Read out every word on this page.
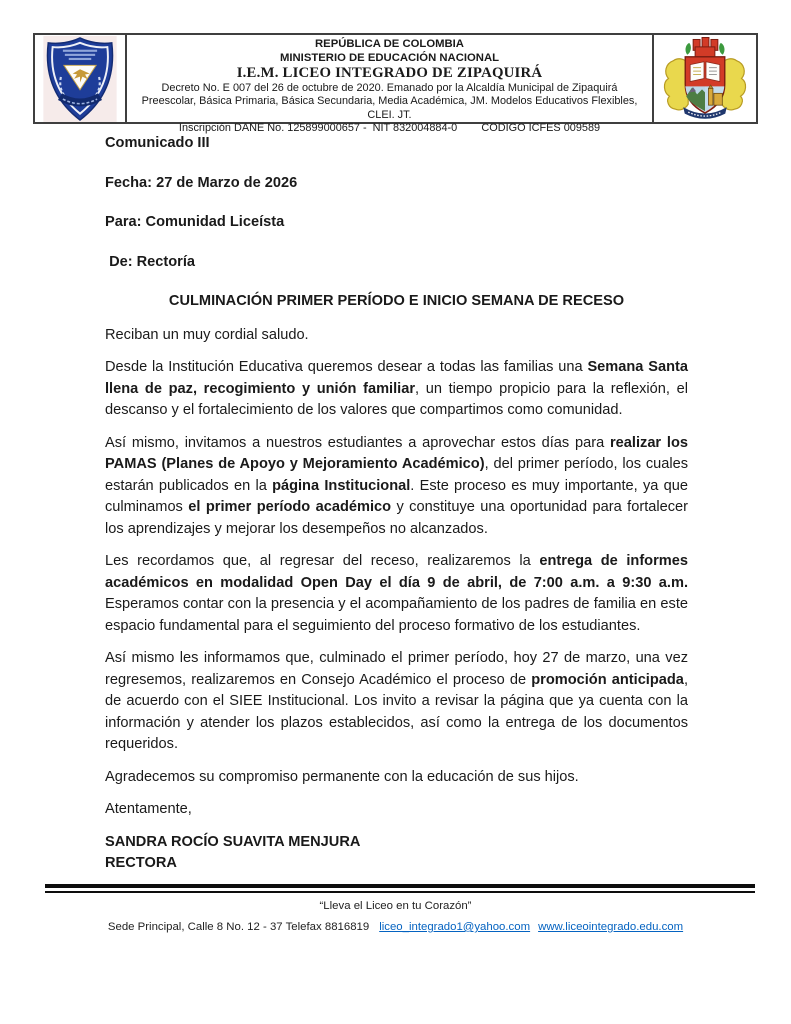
REPÚBLICA DE COLOMBIA
MINISTERIO DE EDUCACIÓN NACIONAL
I.E.M. LICEO INTEGRADO DE ZIPAQUIRÁ
Decreto No. E 007 del 26 de octubre de 2020. Emanado por la Alcaldía Municipal de Zipaquirá
Preescolar, Básica Primaria, Básica Secundaria, Media Académica, JM. Modelos Educativos Flexibles, CLEI. JT.
Inscripción DANE No. 125899000657 -  NIT 832004884-0        CODIGO ICFES 009589

Comunicado III

Fecha: 27 de Marzo de 2026

Para: Comunidad Liceísta

De: Rectoría

CULMINACIÓN PRIMER PERÍODO E INICIO SEMANA DE RECESO

Reciban un muy cordial saludo.

Desde la Institución Educativa queremos desear a todas las familias una Semana Santa llena de paz, recogimiento y unión familiar, un tiempo propicio para la reflexión, el descanso y el fortalecimiento de los valores que compartimos como comunidad.

Así mismo, invitamos a nuestros estudiantes a aprovechar estos días para realizar los PAMAS (Planes de Apoyo y Mejoramiento Académico), del primer período, los cuales estarán publicados en la página Institucional. Este proceso es muy importante, ya que culminamos el primer período académico y constituye una oportunidad para fortalecer los aprendizajes y mejorar los desempeños no alcanzados.

Les recordamos que, al regresar del receso, realizaremos la entrega de informes académicos en modalidad Open Day el día 9 de abril, de 7:00 a.m. a 9:30 a.m. Esperamos contar con la presencia y el acompañamiento de los padres de familia en este espacio fundamental para el seguimiento del proceso formativo de los estudiantes.

Así mismo les informamos que, culminado el primer período, hoy 27 de marzo, una vez regresemos, realizaremos en Consejo Académico el proceso de promoción anticipada, de acuerdo con el SIEE Institucional. Los invito a revisar la página que ya cuenta con la información y atender los plazos establecidos, así como la entrega de los documentos requeridos.

Agradecemos su compromiso permanente con la educación de sus hijos.

Atentamente,

SANDRA ROCÍO SUAVITA MENJURA
RECTORA
“Lleva el Liceo en tu Corazón”
Sede Principal, Calle 8 No. 12 - 37 Telefax 8816819 liceo_integrado1@yahoo.com www.liceointegrado.edu.com
